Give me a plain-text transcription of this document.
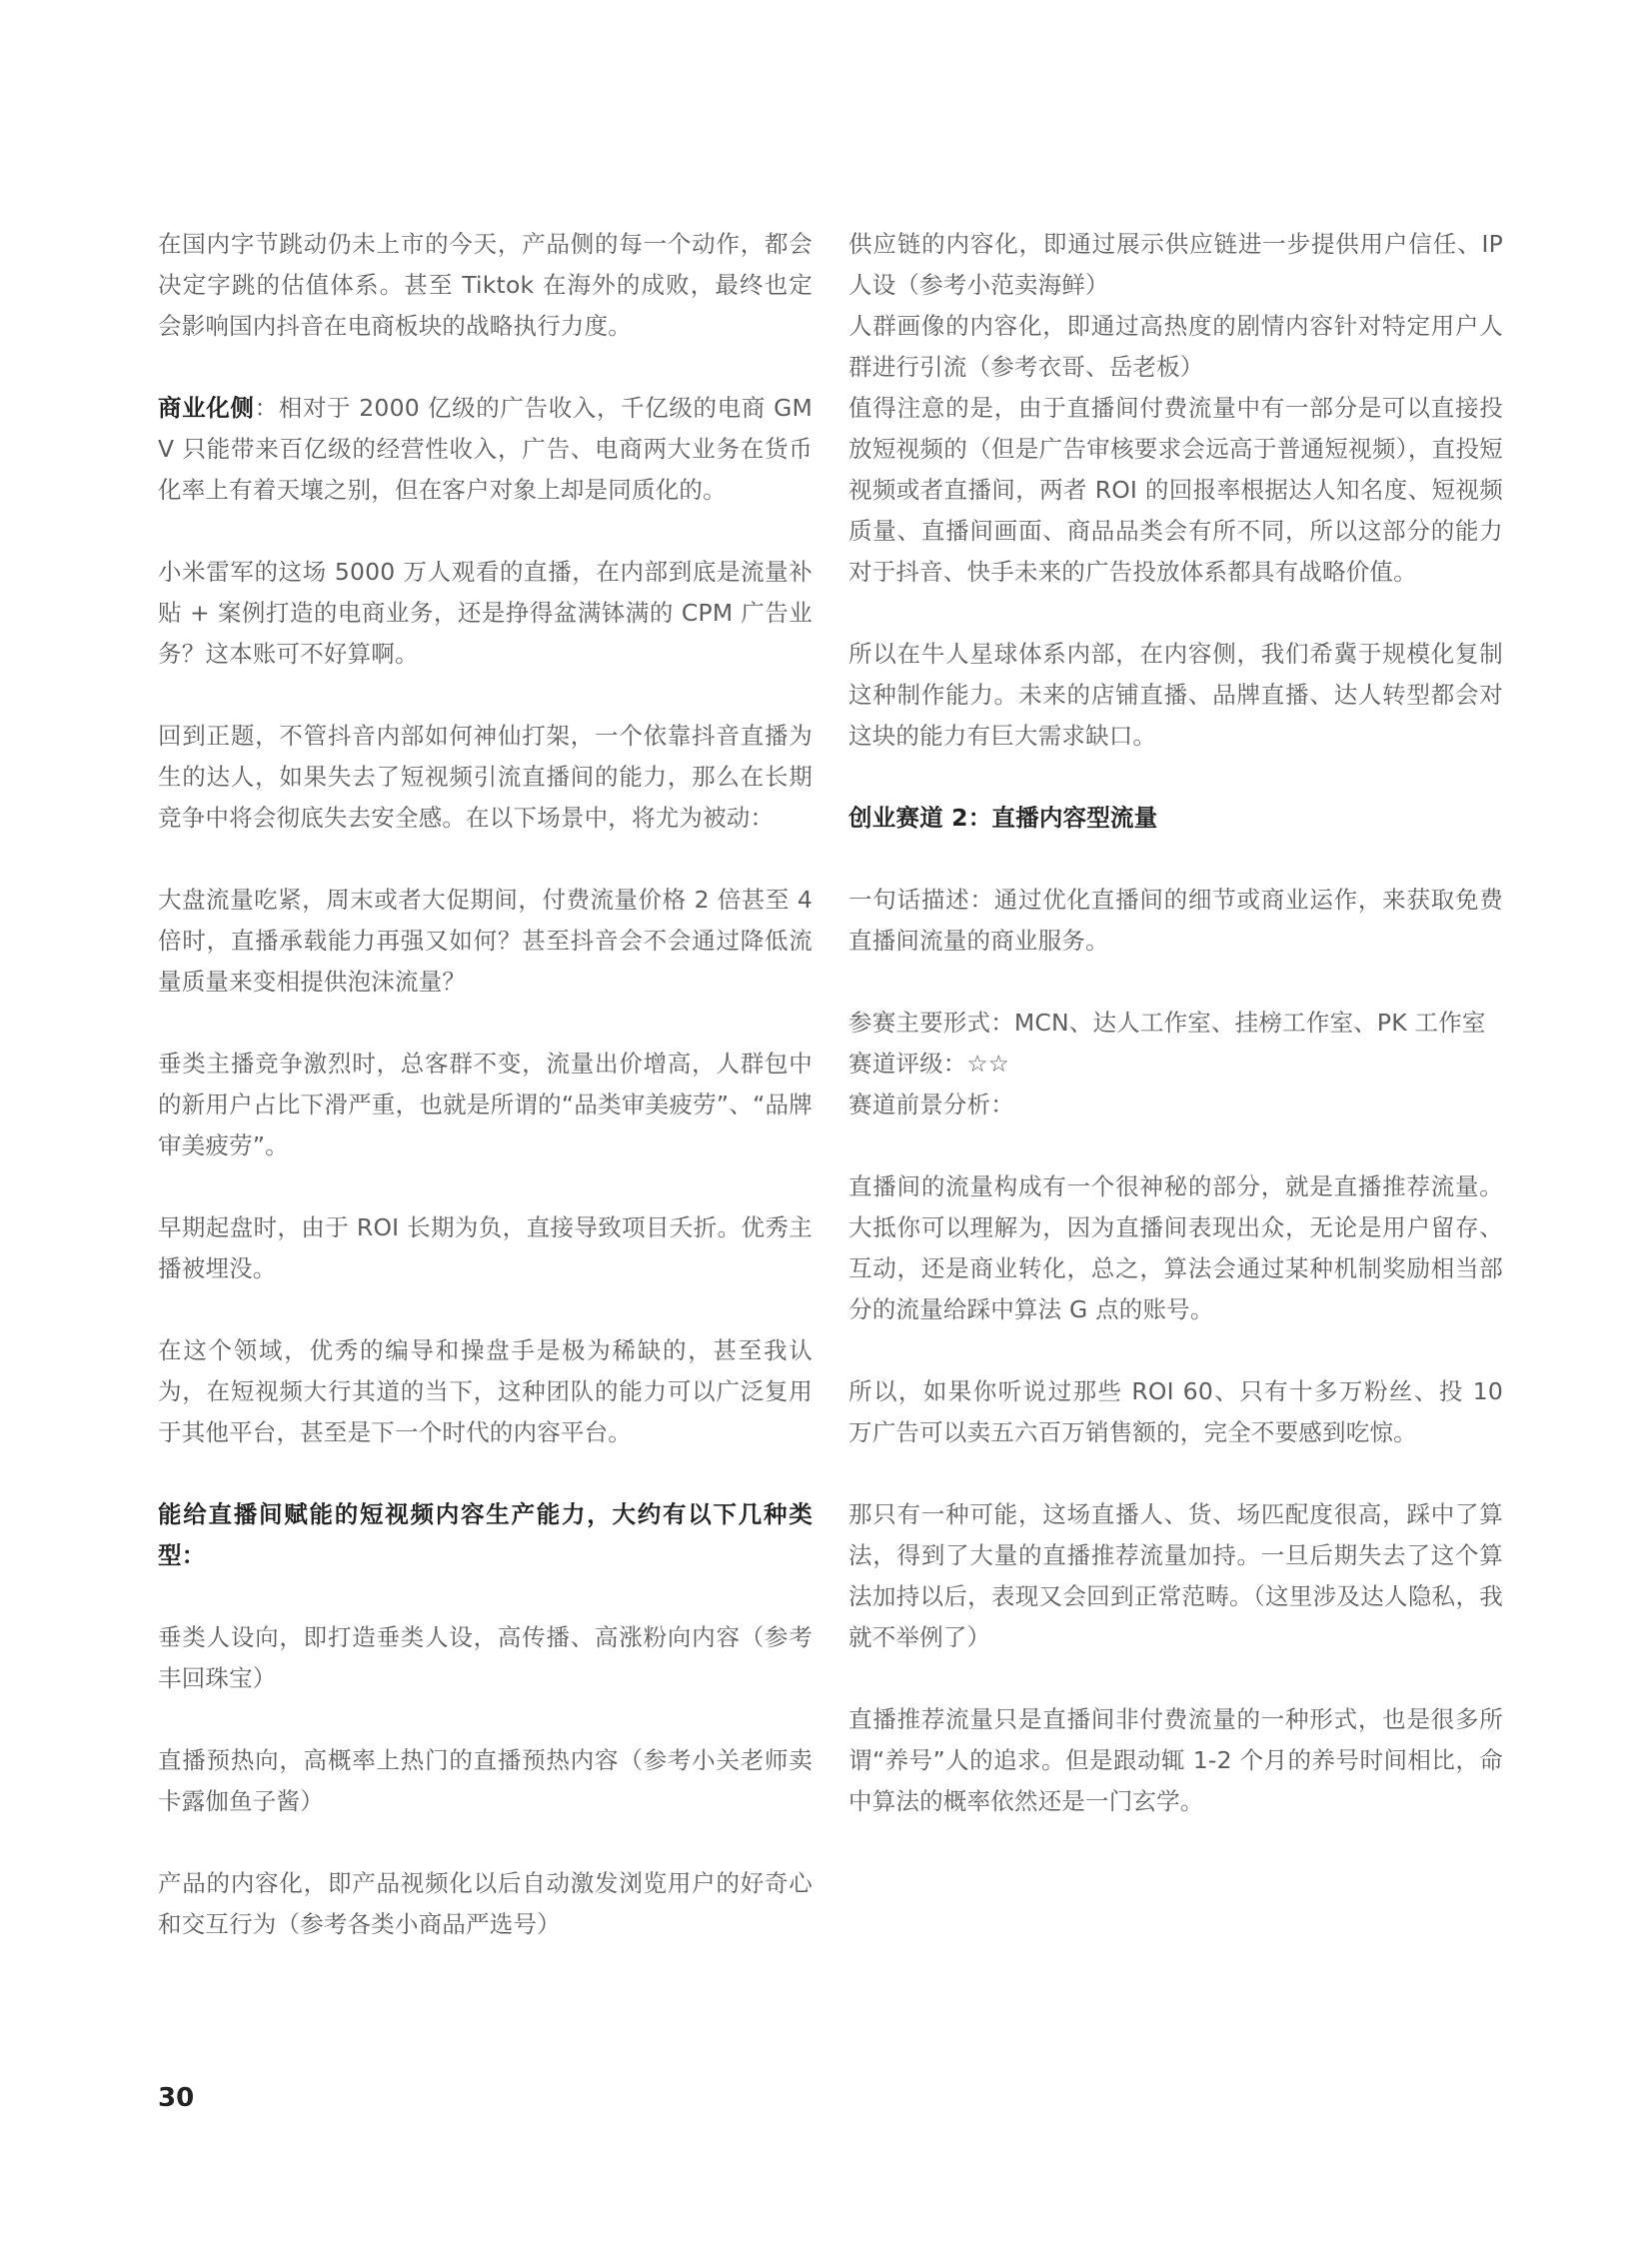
在国内字节跳动仍未上市的今天，产品侧的每一个动作，都会决定字跳的估值体系。甚至 Tiktok 在海外的成败，最终也定会影响国内抖音在电商板块的战略执行力度。

商业化侧：相对于 2000 亿级的广告收入，千亿级的电商 GMV 只能带来百亿级的经营性收入，广告、电商两大业务在货币化率上有着天壤之别，但在客户对象上却是同质化的。

小米雷军的这场 5000 万人观看的直播，在内部到底是流量补贴 + 案例打造的电商业务，还是挣得盆满钵满的 CPM 广告业务？这本账可不好算啊。

回到正题，不管抖音内部如何神仙打架，一个依靠抖音直播为生的达人，如果失去了短视频引流直播间的能力，那么在长期竞争中将会彻底失去安全感。在以下场景中，将尤为被动：

大盘流量吃紧，周末或者大促期间，付费流量价格 2 倍甚至 4 倍时，直播承载能力再强又如何？甚至抖音会不会通过降低流量质量来变相提供泡沫流量？

垂类主播竞争激烈时，总客群不变，流量出价增高，人群包中的新用户占比下滑严重，也就是所谓的“品类审美疲劳”、“品牌审美疲劳”。

早期起盘时，由于 ROI 长期为负，直接导致项目夭折。优秀主播被埋没。

在这个领域，优秀的编导和操盘手是极为稀缺的，甚至我认为，在短视频大行其道的当下，这种团队的能力可以广泛复用于其他平台，甚至是下一个时代的内容平台。

能给直播间赋能的短视频内容生产能力，大约有以下几种类型：

垂类人设向，即打造垂类人设，高传播、高涨粉向内容（参考丰回珠宝）

直播预热向，高概率上热门的直播预热内容（参考小关老师卖卡露伽鱼子酱）

产品的内容化，即产品视频化以后自动激发浏览用户的好奇心和交互行为（参考各类小商品严选号）

供应链的内容化，即通过展示供应链进一步提供用户信任、IP 人设（参考小范卖海鲜）

人群画像的内容化，即通过高热度的剧情内容针对特定用户人群进行引流（参考衣哥、岳老板）

值得注意的是，由于直播间付费流量中有一部分是可以直接投放短视频的（但是广告审核要求会远高于普通短视频），直投短视频或者直播间，两者 ROI 的回报率根据达人知名度、短视频质量、直播间画面、商品品类会有所不同，所以这部分的能力对于抖音、快手未来的广告投放体系都具有战略价值。

所以在牛人星球体系内部，在内容侧，我们希冀于规模化复制这种制作能力。未来的店铺直播、品牌直播、达人转型都会对这块的能力有巨大需求缺口。

创业赛道 2：直播内容型流量

一句话描述：通过优化直播间的细节或商业运作，来获取免费直播间流量的商业服务。

参赛主要形式：MCN、达人工作室、挂榜工作室、PK 工作室

赛道评级：☆☆

赛道前景分析：

直播间的流量构成有一个很神秘的部分，就是直播推荐流量。大抵你可以理解为，因为直播间表现出众，无论是用户留存、互动，还是商业转化，总之，算法会通过某种机制奖励相当部分的流量给踩中算法 G 点的账号。

所以，如果你听说过那些 ROI 60、只有十多万粉丝、投 10 万广告可以卖五六百万销售额的，完全不要感到吃惊。

那只有一种可能，这场直播人、货、场匹配度很高，踩中了算法，得到了大量的直播推荐流量加持。一旦后期失去了这个算法加持以后，表现又会回到正常范畴。（这里涉及达人隐私，我就不举例了）

直播推荐流量只是直播间非付费流量的一种形式，也是很多所谓“养号”人的追求。但是跟动辄 1-2 个月的养号时间相比，命中算法的概率依然还是一门玄学。

30
